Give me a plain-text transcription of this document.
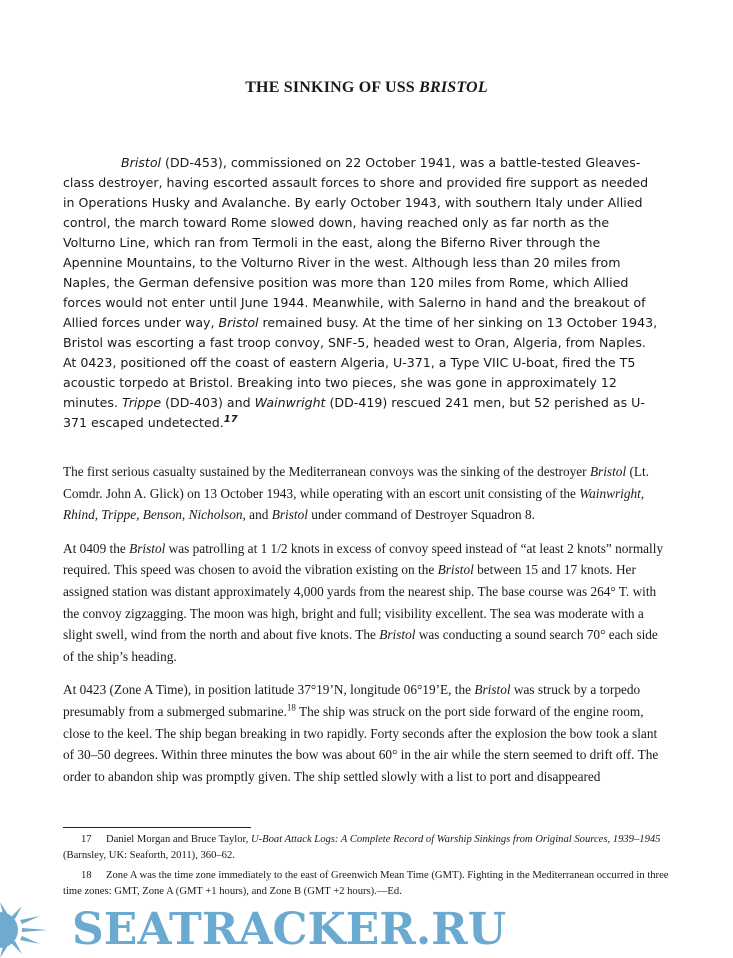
THE SINKING OF USS BRISTOL

Bristol (DD-453), commissioned on 22 October 1941, was a battle-tested Gleaves-class destroyer, having escorted assault forces to shore and provided fire support as needed in Operations Husky and Avalanche. By early October 1943, with southern Italy under Allied control, the march toward Rome slowed down, having reached only as far north as the Volturno Line, which ran from Termoli in the east, along the Biferno River through the Apennine Mountains, to the Volturno River in the west. Although less than 20 miles from Naples, the German defensive position was more than 120 miles from Rome, which Allied forces would not enter until June 1944. Meanwhile, with Salerno in hand and the breakout of Allied forces under way, Bristol remained busy. At the time of her sinking on 13 October 1943, Bristol was escorting a fast troop convoy, SNF-5, headed west to Oran, Algeria, from Naples. At 0423, positioned off the coast of eastern Algeria, U-371, a Type VIIC U-boat, fired the T5 acoustic torpedo at Bristol. Breaking into two pieces, she was gone in approximately 12 minutes. Trippe (DD-403) and Wainwright (DD-419) rescued 241 men, but 52 perished as U-371 escaped undetected.$^{17}$

The first serious casualty sustained by the Mediterranean convoys was the sinking of the destroyer Bristol (Lt. Comdr. John A. Glick) on 13 October 1943, while operating with an escort unit consisting of the Wainwright, Rhind, Trippe, Benson, Nicholson, and Bristol under command of Destroyer Squadron 8.

At 0409 the Bristol was patrolling at 1 1/2 knots in excess of convoy speed instead of “at least 2 knots” normally required. This speed was chosen to avoid the vibration existing on the Bristol between 15 and 17 knots. Her assigned station was distant approximately 4,000 yards from the nearest ship. The base course was 264° T. with the convoy zigzagging. The moon was high, bright and full; visibility excellent. The sea was moderate with a slight swell, wind from the north and about five knots. The Bristol was conducting a sound search 70° each side of the ship’s heading.

At 0423 (Zone A Time), in position latitude 37°19’N, longitude 06°19’E, the Bristol was struck by a torpedo presumably from a submerged submarine.$^{18}$ The ship was struck on the port side forward of the engine room, close to the keel. The ship began breaking in two rapidly. Forty seconds after the explosion the bow took a slant of 30–50 degrees. Within three minutes the bow was about 60° in the air while the stern seemed to drift off. The order to abandon ship was promptly given. The ship settled slowly with a list to port and disappeared

17 Daniel Morgan and Bruce Taylor, U-Boat Attack Logs: A Complete Record of Warship Sinkings from Original Sources, 1939–1945 (Barnsley, UK: Seaforth, 2011), 360–62.

18 Zone A was the time zone immediately to the east of Greenwich Mean Time (GMT). Fighting in the Mediterranean occurred in three time zones: GMT, Zone A (GMT +1 hours), and Zone B (GMT +2 hours).—Ed.

SEATRACKER.RU
